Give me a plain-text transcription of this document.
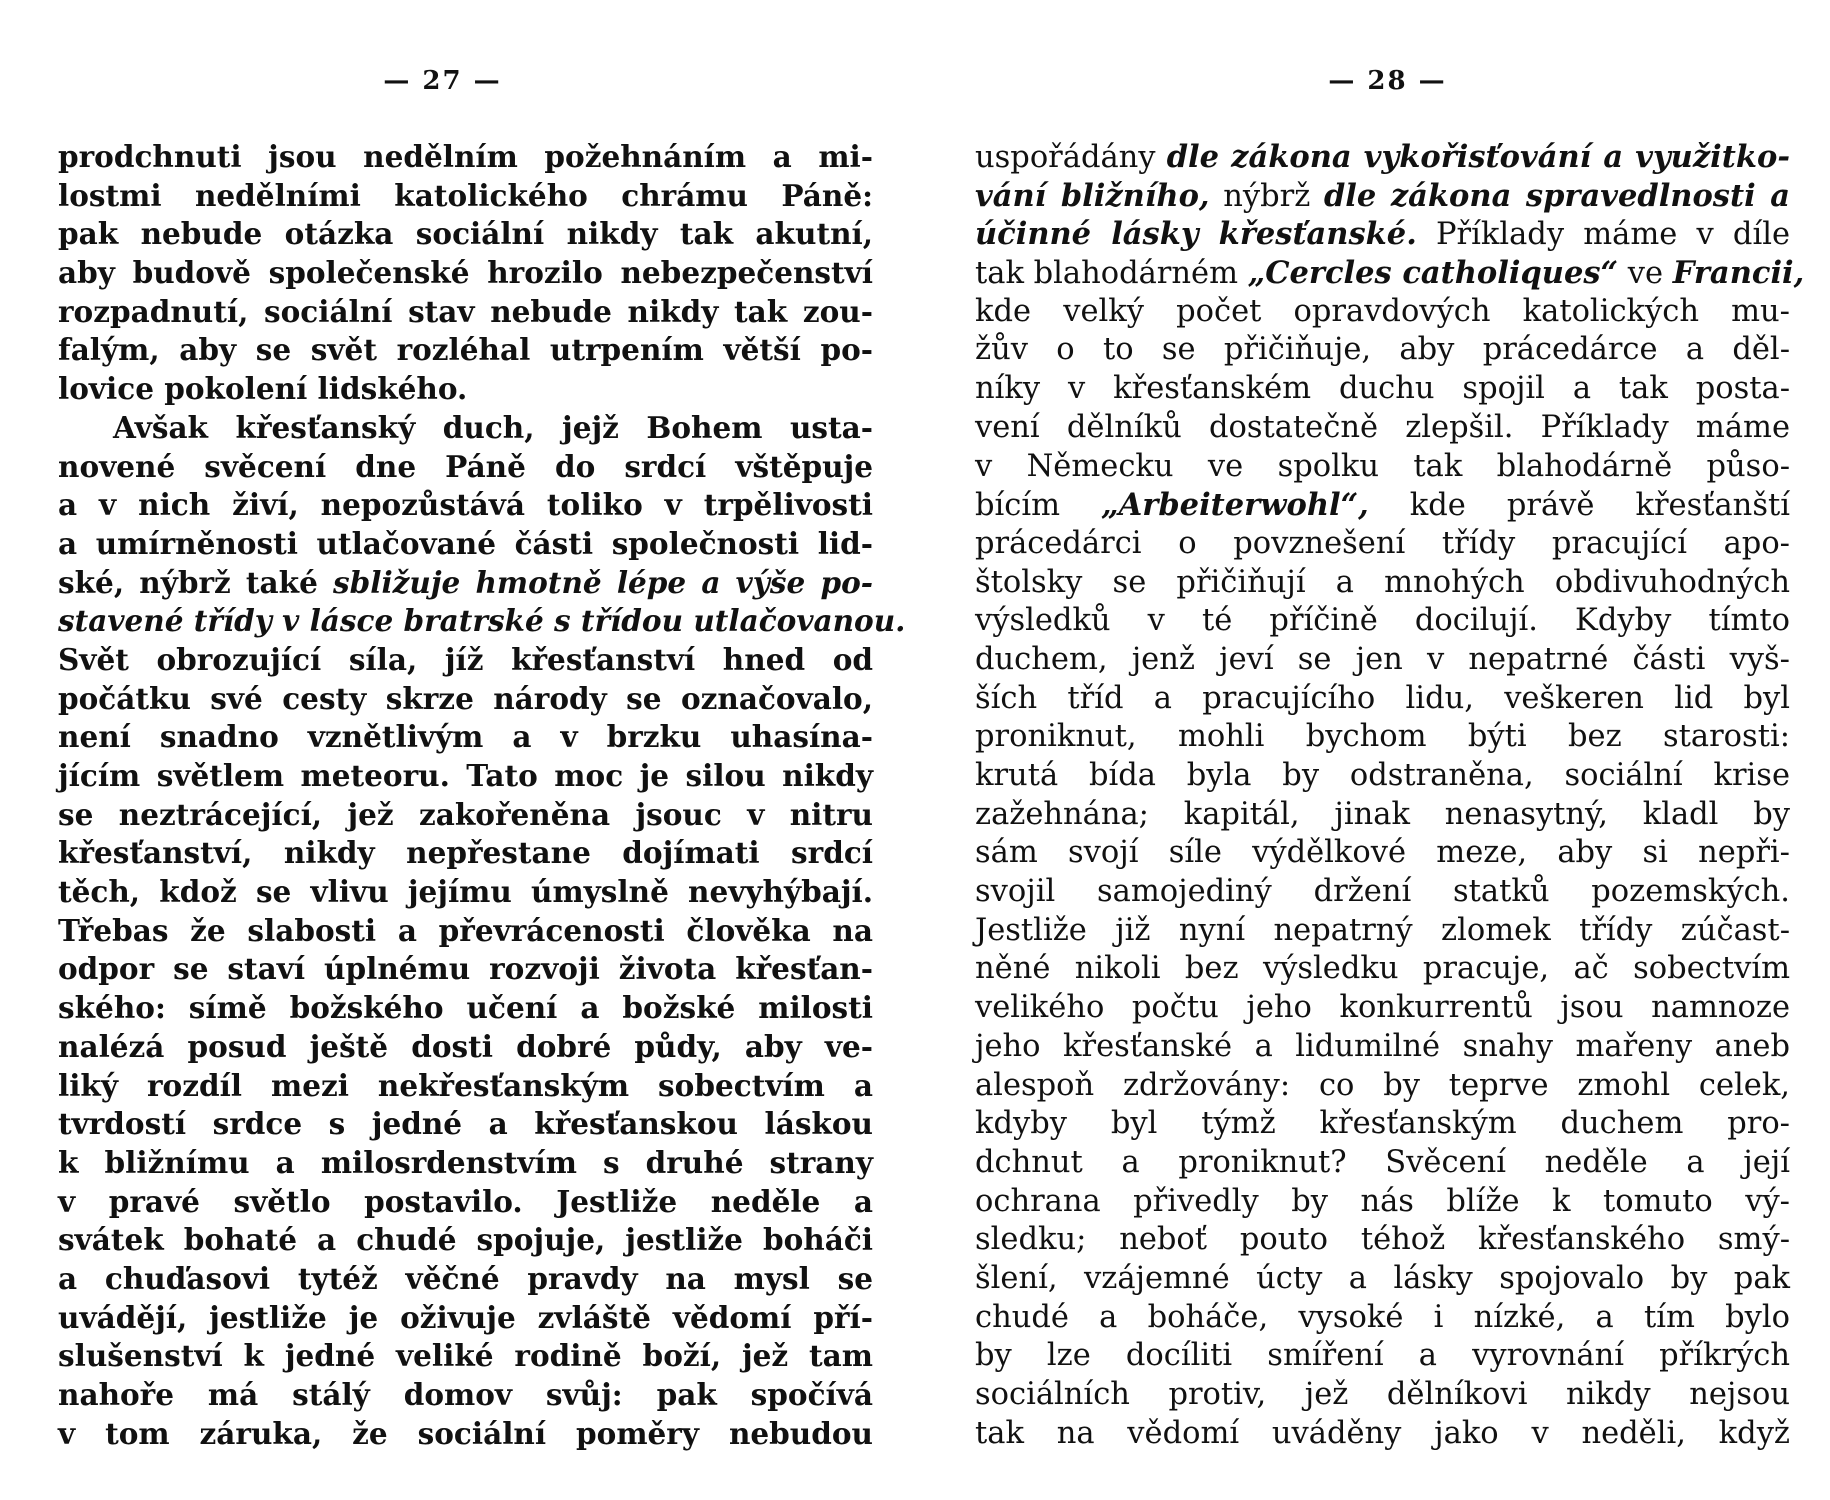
— 27 —
prodchnuti jsou nedělním požehnáním a mi-
lostmi nedělními katolického chrámu Páně:
pak nebude otázka sociální nikdy tak akutní,
aby budově společenské hrozilo nebezpečenství
rozpadnutí, sociální stav nebude nikdy tak zou-
falým, aby se svět rozléhal utrpením větší po-
lovice pokolení lidského.
Avšak křesťanský duch, jejž Bohem usta-
novené svěcení dne Páně do srdcí vštěpuje
a v nich živí, nepozůstává toliko v trpělivosti
a umírněnosti utlačované části společnosti lid-
ské, nýbrž také sbližuje hmotně lépe a výše po-
stavené třídy v lásce bratrské s třídou utlačovanou.
Svět obrozující síla, jíž křesťanství hned od
počátku své cesty skrze národy se označovalo,
není snadno vznětlivým a v brzku uhasína-
jícím světlem meteoru. Tato moc je silou nikdy
se neztrácející, jež zakořeněna jsouc v nitru
křesťanství, nikdy nepřestane dojímati srdcí
těch, kdož se vlivu jejímu úmyslně nevyhýbají.
Třebas že slabosti a převrácenosti člověka na
odpor se staví úplnému rozvoji života křesťan-
ského: símě božského učení a božské milosti
nalézá posud ještě dosti dobré půdy, aby ve-
liký rozdíl mezi nekřesťanským sobectvím a
tvrdostí srdce s jedné a křesťanskou láskou
k bližnímu a milosrdenstvím s druhé strany
v pravé světlo postavilo. Jestliže neděle a
svátek bohaté a chudé spojuje, jestliže boháči
a chuďasovi tytéž věčné pravdy na mysl se
uvádějí, jestliže je oživuje zvláště vědomí pří-
slušenství k jedné veliké rodině boží, jež tam
nahoře má stálý domov svůj: pak spočívá
v tom záruka, že sociální poměry nebudou
— 28 —
uspořádány dle zákona vykořisťování a využitko-
vání bližního, nýbrž dle zákona spravedlnosti a
účinné lásky křesťanské. Příklady máme v díle
tak blahodárném „Cercles catholiques“ ve Francii,
kde velký počet opravdových katolických mu-
žův o to se přičiňuje, aby prácedárce a děl-
níky v křesťanském duchu spojil a tak posta-
vení dělníků dostatečně zlepšil. Příklady máme
v Německu ve spolku tak blahodárně půso-
bícím „Arbeiterwohl“, kde právě křesťanští
prácedárci o povznešení třídy pracující apo-
štolsky se přičiňují a mnohých obdivuhodných
výsledků v té příčině docilují. Kdyby tímto
duchem, jenž jeví se jen v nepatrné části vyš-
ších tříd a pracujícího lidu, veškeren lid byl
proniknut, mohli bychom býti bez starosti:
krutá bída byla by odstraněna, sociální krise
zažehnána; kapitál, jinak nenasytný, kladl by
sám svojí síle výdělkové meze, aby si nepři-
svojil samojediný držení statků pozemských.
Jestliže již nyní nepatrný zlomek třídy zúčast-
něné nikoli bez výsledku pracuje, ač sobectvím
velikého počtu jeho konkurrentů jsou namnoze
jeho křesťanské a lidumilné snahy mařeny aneb
alespoň zdržovány: co by teprve zmohl celek,
kdyby byl týmž křesťanským duchem pro-
dchnut a proniknut? Svěcení neděle a její
ochrana přivedly by nás blíže k tomuto vý-
sledku; neboť pouto téhož křesťanského smý-
šlení, vzájemné úcty a lásky spojovalo by pak
chudé a boháče, vysoké i nízké, a tím bylo
by lze docíliti smíření a vyrovnání příkrých
sociálních protiv, jež dělníkovi nikdy nejsou
tak na vědomí uváděny jako v neděli, když
